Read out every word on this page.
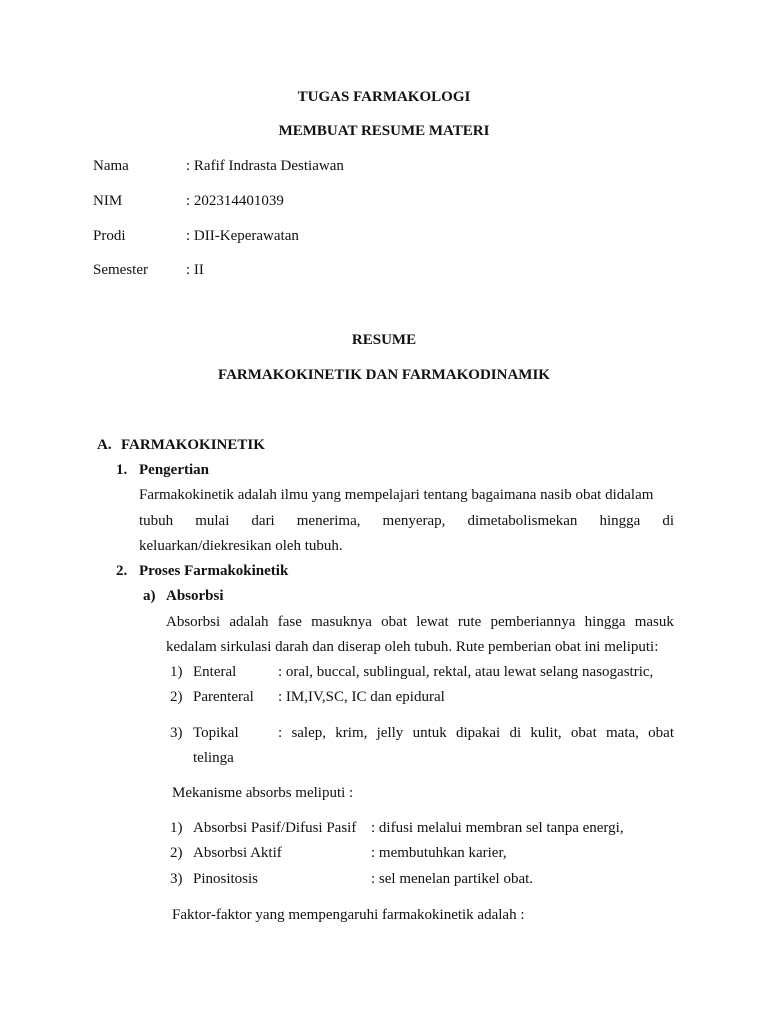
TUGAS FARMAKOLOGI
MEMBUAT RESUME MATERI
Nama	: Rafif Indrasta Destiawan
NIM	: 202314401039
Prodi	: DII-Keperawatan
Semester	: II
RESUME
FARMAKOKINETIK DAN FARMAKODINAMIK
A. FARMAKOKINETIK
1. Pengertian
Farmakokinetik adalah ilmu yang mempelajari tentang bagaimana nasib obat didalam
tubuh mulai dari menerima, menyerap, dimetabolismekan hingga di
keluarkan/diekresikan oleh tubuh.
2. Proses Farmakokinetik
a) Absorbsi
Absorbsi adalah fase masuknya obat lewat rute pemberiannya hingga masuk
kedalam sirkulasi darah dan diserap oleh tubuh. Rute pemberian obat ini meliputi:
1) Enteral	: oral, buccal, sublingual, rektal, atau lewat selang nasogastric,
2) Parenteral : IM,IV,SC, IC dan epidural
3) Topikal	: salep, krim, jelly untuk dipakai di kulit, obat mata, obat
telinga
Mekanisme absorbs meliputi :
1) Absorbsi Pasif/Difusi Pasif : difusi melalui membran sel tanpa energi,
2) Absorbsi Aktif	: membutuhkan karier,
3) Pinositosis	: sel menelan partikel obat.
Faktor-faktor yang mempengaruhi farmakokinetik adalah :
